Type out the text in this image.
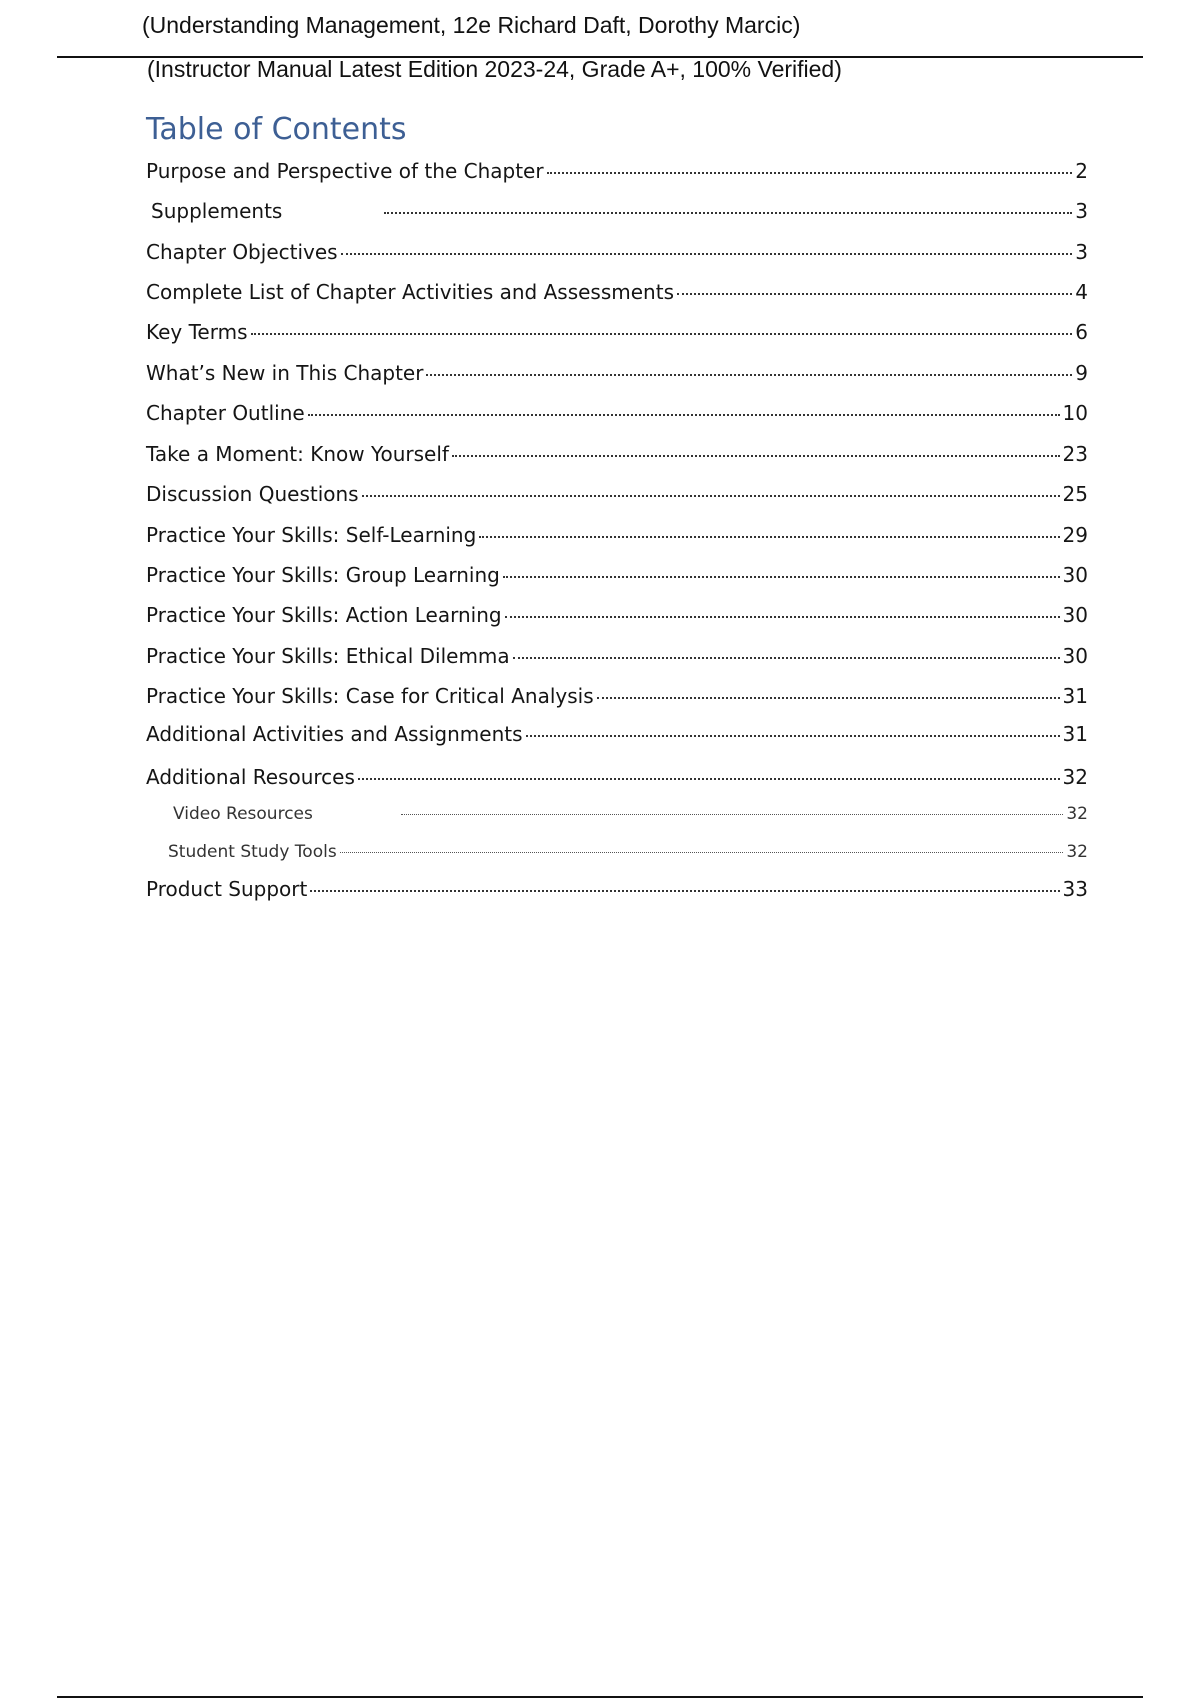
(Understanding Management, 12e Richard Daft, Dorothy Marcic)
(Instructor Manual Latest Edition 2023-24, Grade A+, 100% Verified)
Table of Contents
Purpose and Perspective of the Chapter	2
Supplements	3
Chapter Objectives	3
Complete List of Chapter Activities and Assessments	4
Key Terms	6
What’s New in This Chapter	9
Chapter Outline	10
Take a Moment: Know Yourself	23
Discussion Questions	25
Practice Your Skills: Self-Learning	29
Practice Your Skills: Group Learning	30
Practice Your Skills: Action Learning	30
Practice Your Skills: Ethical Dilemma	30
Practice Your Skills: Case for Critical Analysis	31
Additional Activities and Assignments	31
Additional Resources	32
Video Resources	32
Student Study Tools	32
Product Support	33
